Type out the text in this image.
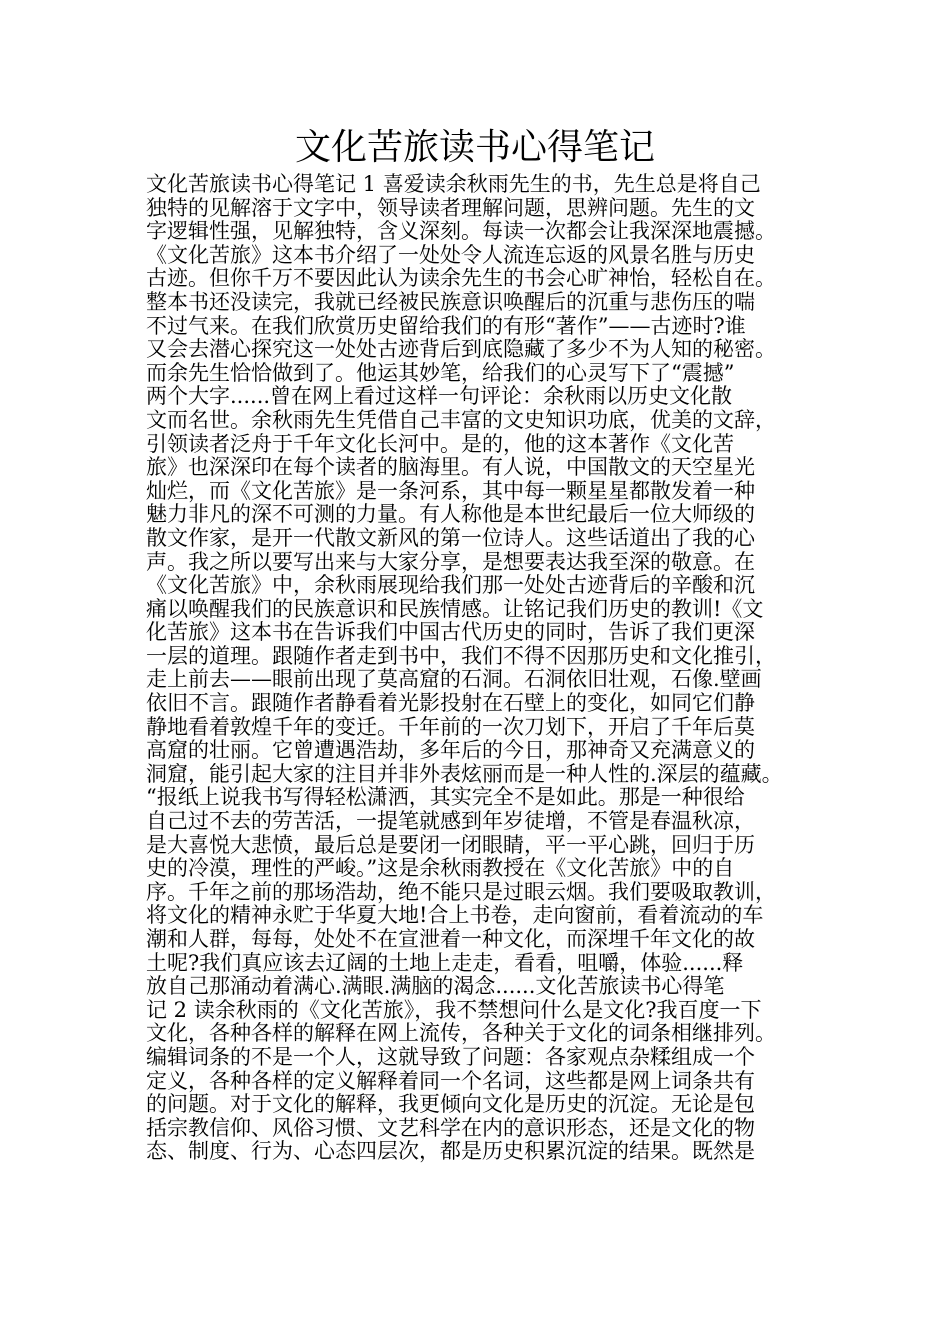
文化苦旅读书心得笔记
文化苦旅读书心得笔记 1 喜爱读余秋雨先生的书，先生总是将自己
独特的见解溶于文字中，领导读者理解问题，思辨问题。先生的文
字逻辑性强，见解独特，含义深刻。每读一次都会让我深深地震撼。
《文化苦旅》这本书介绍了一处处令人流连忘返的风景名胜与历史
古迹。但你千万不要因此认为读余先生的书会心旷神怡，轻松自在。
整本书还没读完，我就已经被民族意识唤醒后的沉重与悲伤压的喘
不过气来。在我们欣赏历史留给我们的有形“著作”——古迹时?谁
又会去潜心探究这一处处古迹背后到底隐藏了多少不为人知的秘密。
而余先生恰恰做到了。他运其妙笔，给我们的心灵写下了“震撼”
两个大字......曾在网上看过这样一句评论：余秋雨以历史文化散
文而名世。余秋雨先生凭借自己丰富的文史知识功底，优美的文辞，
引领读者泛舟于千年文化长河中。是的，他的这本著作《文化苦
旅》也深深印在每个读者的脑海里。有人说，中国散文的天空星光
灿烂，而《文化苦旅》是一条河系，其中每一颗星星都散发着一种
魅力非凡的深不可测的力量。有人称他是本世纪最后一位大师级的
散文作家，是开一代散文新风的第一位诗人。这些话道出了我的心
声。我之所以要写出来与大家分享，是想要表达我至深的敬意。在
《文化苦旅》中，余秋雨展现给我们那一处处古迹背后的辛酸和沉
痛以唤醒我们的民族意识和民族情感。让铭记我们历史的教训!《文
化苦旅》这本书在告诉我们中国古代历史的同时，告诉了我们更深
一层的道理。跟随作者走到书中，我们不得不因那历史和文化推引，
走上前去——眼前出现了莫高窟的石洞。石洞依旧壮观，石像.壁画
依旧不言。跟随作者静看着光影投射在石壁上的变化，如同它们静
静地看着敦煌千年的变迁。千年前的一次刀划下，开启了千年后莫
高窟的壮丽。它曾遭遇浩劫，多年后的今日，那神奇又充满意义的
洞窟，能引起大家的注目并非外表炫丽而是一种人性的.深层的蕴藏。
“报纸上说我书写得轻松潇洒，其实完全不是如此。那是一种很给
自己过不去的劳苦活，一提笔就感到年岁徒增，不管是春温秋凉，
是大喜悦大悲愤，最后总是要闭一闭眼睛，平一平心跳，回归于历
史的冷漠，理性的严峻。”这是余秋雨教授在《文化苦旅》中的自
序。千年之前的那场浩劫，绝不能只是过眼云烟。我们要吸取教训，
将文化的精神永贮于华夏大地!合上书卷，走向窗前，看着流动的车
潮和人群，每每，处处不在宣泄着一种文化，而深埋千年文化的故
土呢?我们真应该去辽阔的土地上走走，看看，咀嚼，体验......释
放自己那涌动着满心.满眼.满脑的渴念......文化苦旅读书心得笔
记 2 读余秋雨的《文化苦旅》，我不禁想问什么是文化?我百度一下
文化，各种各样的解释在网上流传，各种关于文化的词条相继排列。
编辑词条的不是一个人，这就导致了问题：各家观点杂糅组成一个
定义，各种各样的定义解释着同一个名词，这些都是网上词条共有
的问题。对于文化的解释，我更倾向文化是历史的沉淀。无论是包
括宗教信仰、风俗习惯、文艺科学在内的意识形态，还是文化的物
态、制度、行为、心态四层次，都是历史积累沉淀的结果。既然是
